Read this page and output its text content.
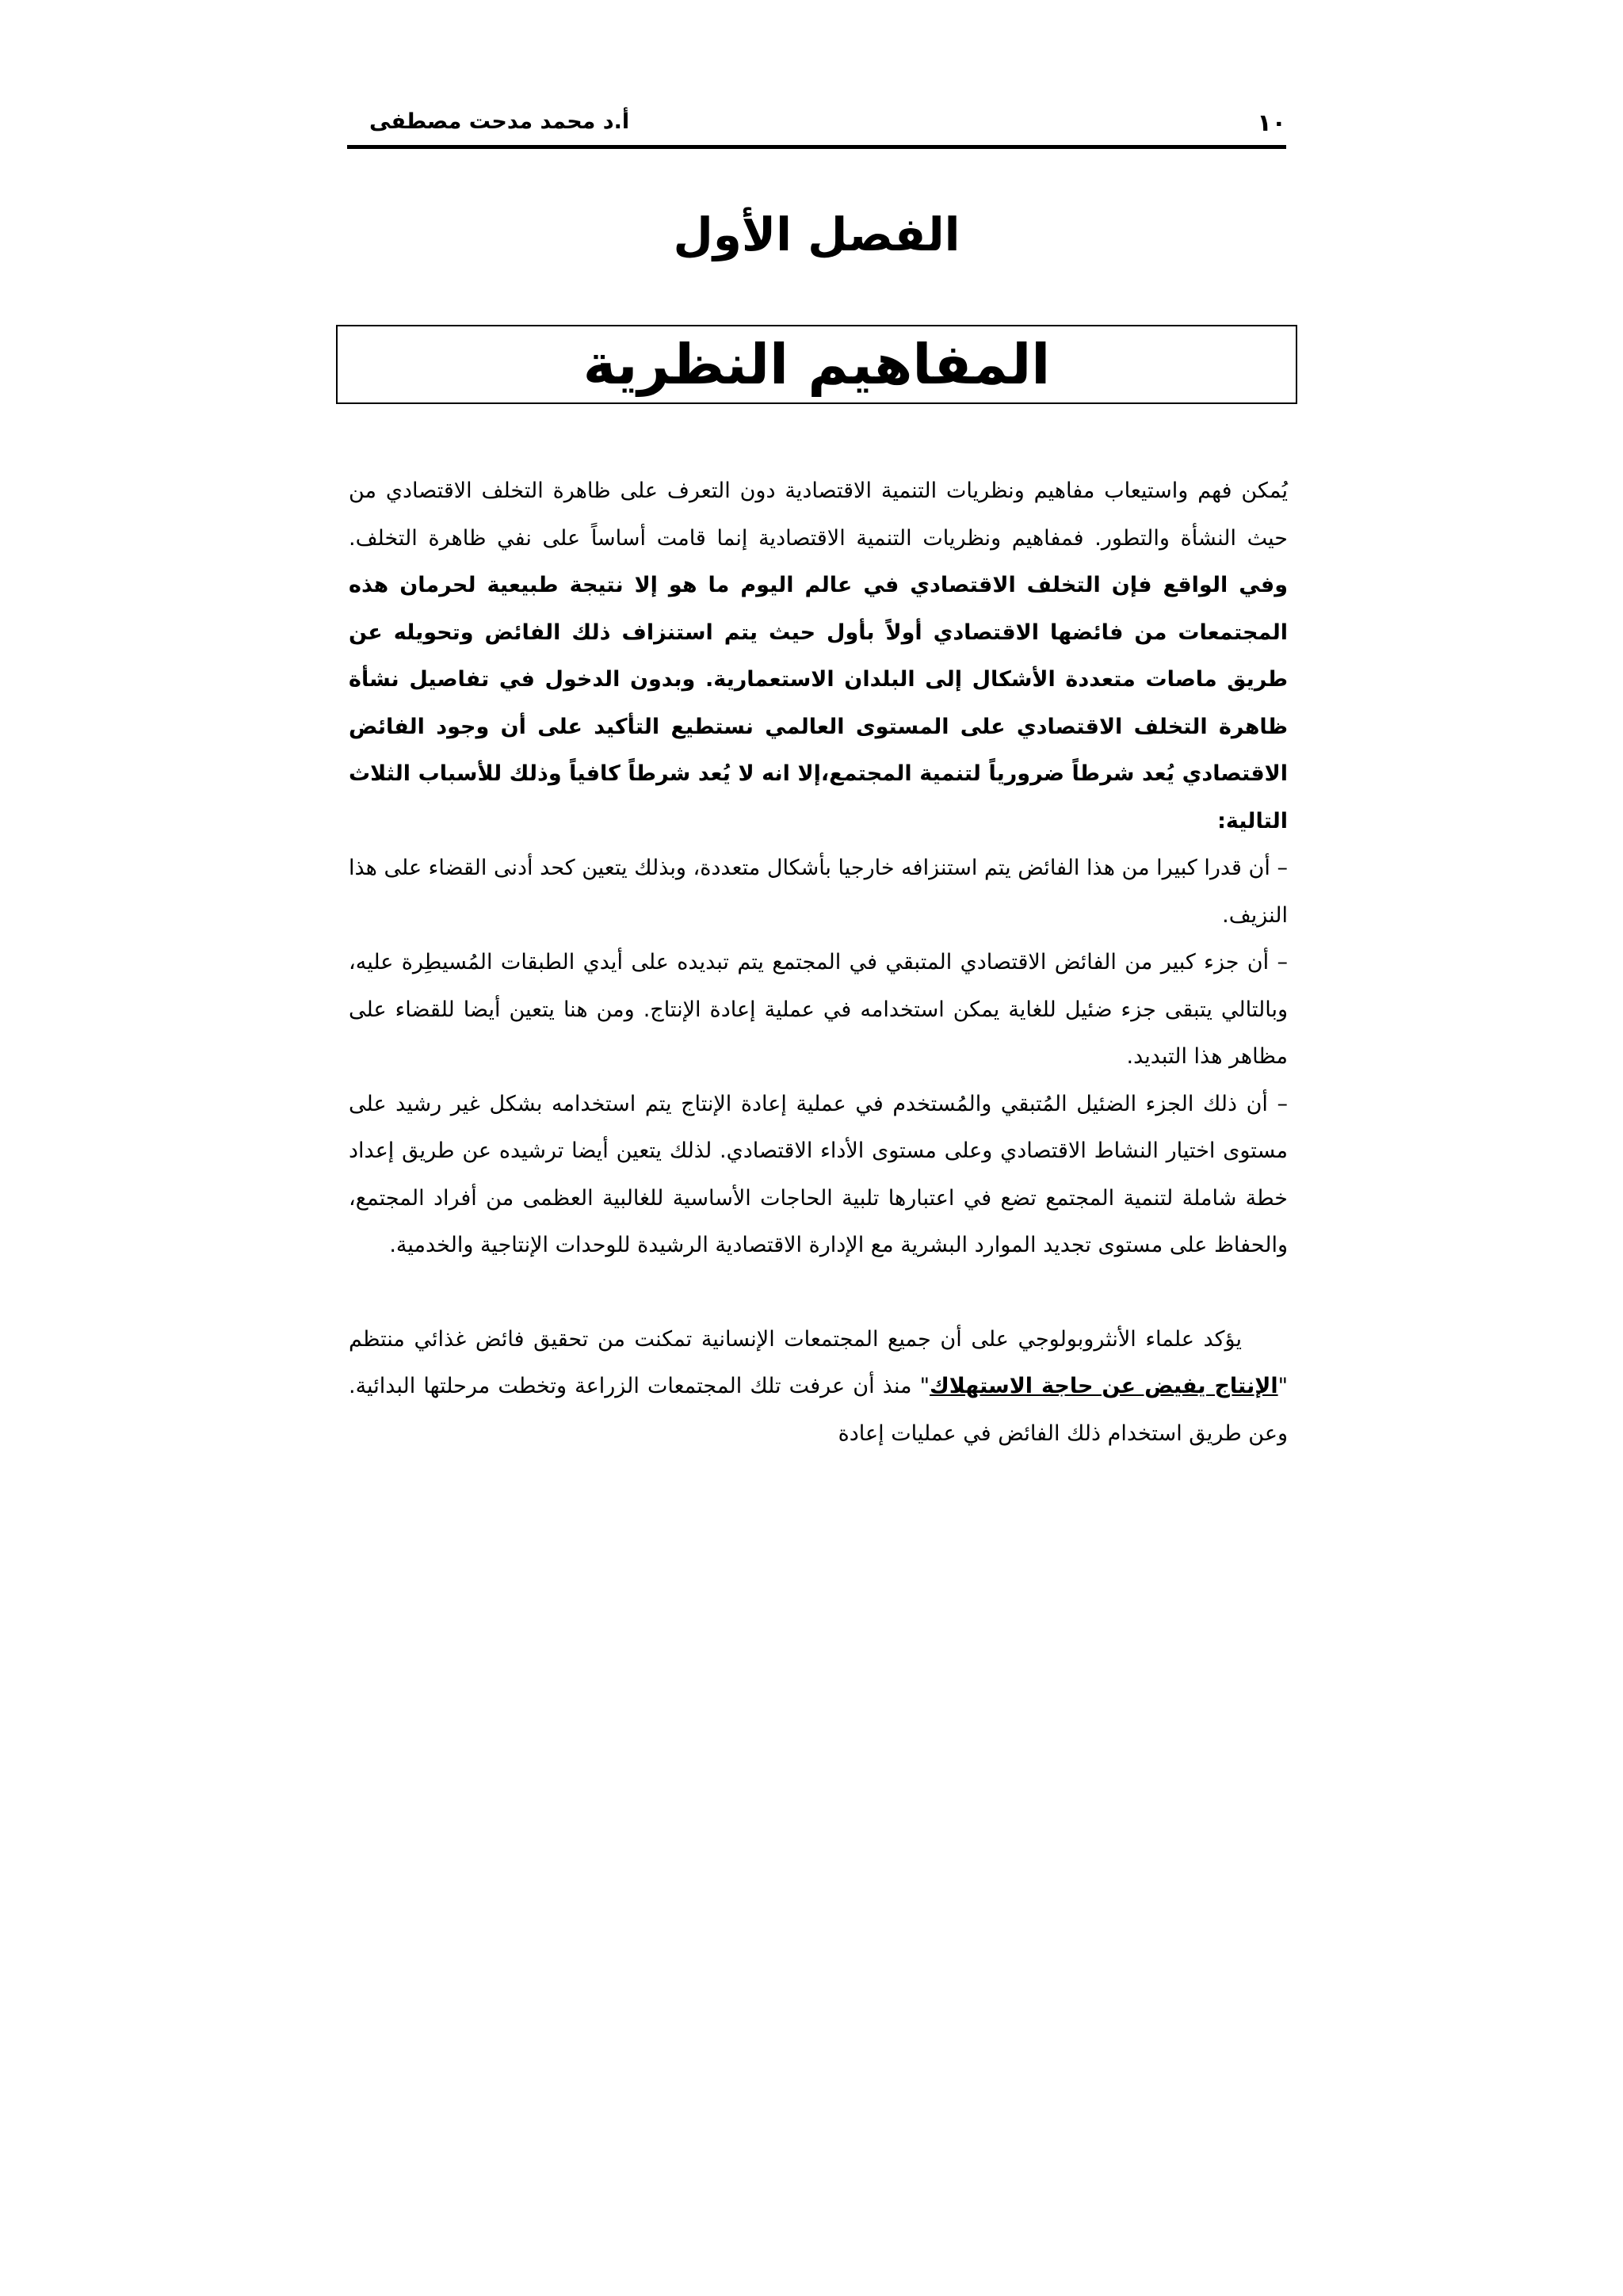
١٠
أ.د محمد مدحت مصطفى
الفصل الأول
المفاهيم النظرية

يُمكن فهم واستيعاب مفاهيم ونظريات التنمية الاقتصادية دون التعرف على ظاهرة التخلف الاقتصادي من حيث النشأة والتطور. فمفاهيم ونظريات التنمية الاقتصادية إنما قامت أساساً على نفي ظاهرة التخلف. وفي الواقع فإن التخلف الاقتصادي في عالم اليوم ما هو إلا نتيجة طبيعية لحرمان هذه المجتمعات من فائضها الاقتصادي أولاً بأول حيث يتم استنزاف ذلك الفائض وتحويله عن طريق ماصات متعددة الأشكال إلى البلدان الاستعمارية. وبدون الدخول في تفاصيل نشأة ظاهرة التخلف الاقتصادي على المستوى العالمي نستطيع التأكيد على أن وجود الفائض الاقتصادي يُعد شرطاً ضرورياً لتنمية المجتمع،إلا انه لا يُعد شرطاً كافياً وذلك للأسباب الثلاث التالية:

– أن قدرا كبيرا من هذا الفائض يتم استنزافه خارجيا بأشكال متعددة، وبذلك يتعين كحد أدنى القضاء على هذا النزيف.

– أن جزء كبير من الفائض الاقتصادي المتبقي في المجتمع يتم تبديده على أيدي الطبقات المُسيطِرة عليه، وبالتالي يتبقى جزء ضئيل للغاية يمكن استخدامه في عملية إعادة الإنتاج. ومن هنا يتعين أيضا للقضاء على مظاهر هذا التبديد.

– أن ذلك الجزء الضئيل المُتبقي والمُستخدم في عملية إعادة الإنتاج يتم استخدامه بشكل غير رشيد على مستوى اختيار النشاط الاقتصادي وعلى مستوى الأداء الاقتصادي. لذلك يتعين أيضا ترشيده عن طريق إعداد خطة شاملة لتنمية المجتمع تضع في اعتبارها تلبية الحاجات الأساسية للغالبية العظمى من أفراد المجتمع، والحفاظ على مستوى تجديد الموارد البشرية مع الإدارة الاقتصادية الرشيدة للوحدات الإنتاجية والخدمية.

يؤكد علماء الأنثروبولوجي على أن جميع المجتمعات الإنسانية تمكنت من تحقيق فائض غذائي منتظم "الإنتاج يفيض عن حاجة الاستهلاك" منذ أن عرفت تلك المجتمعات الزراعة وتخطت مرحلتها البدائية. وعن طريق استخدام ذلك الفائض في عمليات إعادة
